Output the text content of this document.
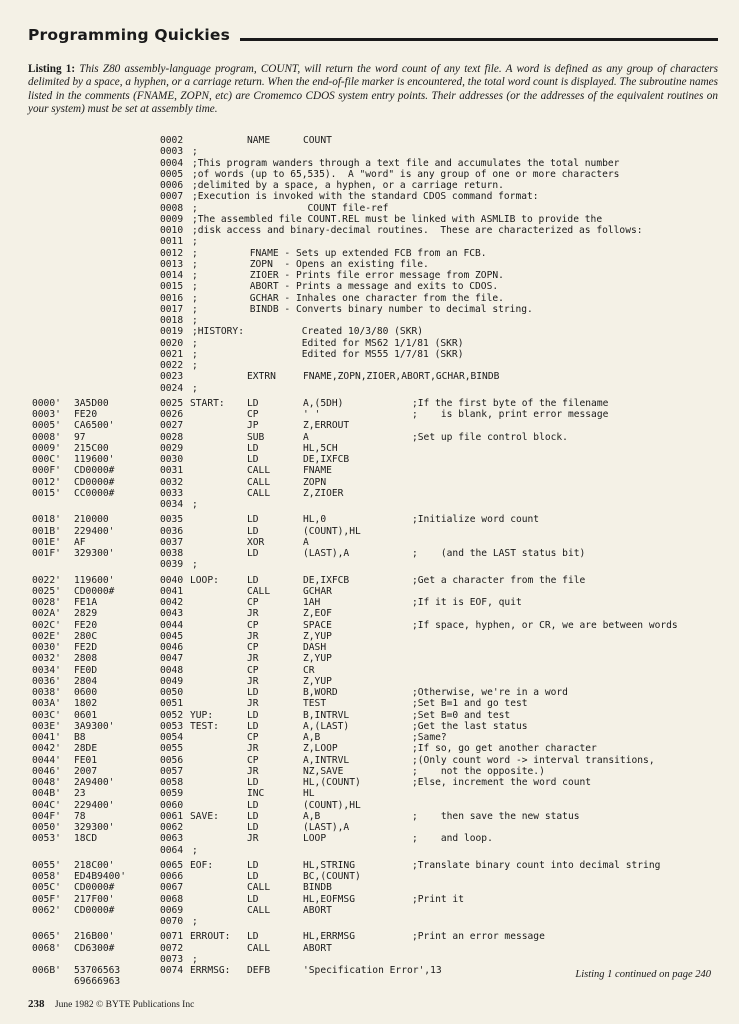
Programming Quickies
Listing 1: This Z80 assembly-language program, COUNT, will return the word count of any text file. A word is defined as any group of characters delimited by a space, a hyphen, or a carriage return. When the end-of-file marker is encountered, the total word count is displayed. The subroutine names listed in the comments (FNAME, ZOPN, etc) are Cromemco CDOS system entry points. Their addresses (or the addresses of the equivalent routines on your system) must be set at assembly time.
0002	NAME	COUNT
0003 ;
0004 ;This program wanders through a text file and accumulates the total number
0005 ;of words (up to 65,535).  A "word" is any group of one or more characters
0006 ;delimited by a space, a hyphen, or a carriage return.
0007 ;Execution is invoked with the standard CDOS command format:
0008 ;                   COUNT file-ref
0009 ;The assembled file COUNT.REL must be linked with ASMLIB to provide the
0010 ;disk access and binary-decimal routines.  These are characterized as follows:
0011 ;
0012 ;         FNAME - Sets up extended FCB from an FCB.
0013 ;         ZOPN  - Opens an existing file.
0014 ;         ZIOER - Prints file error message from ZOPN.
0015 ;         ABORT - Prints a message and exits to CDOS.
0016 ;         GCHAR - Inhales one character from the file.
0017 ;         BINDB - Converts binary number to decimal string.
0018 ;
0019 ;HISTORY:          Created 10/3/80 (SKR)
0020 ;                  Edited for MS62 1/1/81 (SKR)
0021 ;                  Edited for MS55 1/7/81 (SKR)
0022 ;
0023	EXTRN	FNAME,ZOPN,ZIOER,ABORT,GCHAR,BINDB
0024 ;
0000' 3A5D00	0025 START: LD	A,(5DH)	;If the first byte of the filename
0003' FE20	0026	CP	' '	;    is blank, print error message
0005' CA6500'	0027	JP	Z,ERROUT
0008' 97	0028	SUB	A	;Set up file control block.
0009' 215C00	0029	LD	HL,5CH
000C' 119600'	0030	LD	DE,IXFCB
000F' CD0000#	0031	CALL	FNAME
0012' CD0000#	0032	CALL	ZOPN
0015' CC0000#	0033	CALL	Z,ZIOER
0034 ;
0018' 210000	0035	LD	HL,0	;Initialize word count
001B' 229400'	0036	LD	(COUNT),HL
001E' AF	0037	XOR	A
001F' 329300'	0038	LD	(LAST),A	;    (and the LAST status bit)
0039 ;
0022' 119600'	0040 LOOP:	LD	DE,IXFCB	;Get a character from the file
0025' CD0000#	0041	CALL	GCHAR
0028' FE1A	0042	CP	1AH	;If it is EOF, quit
002A' 2829	0043	JR	Z,EOF
002C' FE20	0044	CP	SPACE	;If space, hyphen, or CR, we are between words
002E' 280C	0045	JR	Z,YUP
0030' FE2D	0046	CP	DASH
0032' 2808	0047	JR	Z,YUP
0034' FE0D	0048	CP	CR
0036' 2804	0049	JR	Z,YUP
0038' 0600	0050	LD	B,WORD	;Otherwise, we're in a word
003A' 1802	0051	JR	TEST	;Set B=1 and go test
003C' 0601	0052 YUP:	LD	B,INTRVL	;Set B=0 and test
003E' 3A9300'	0053 TEST:	LD	A,(LAST)	;Get the last status
0041' B8	0054	CP	A,B	;Same?
0042' 28DE	0055	JR	Z,LOOP	;If so, go get another character
0044' FE01	0056	CP	A,INTRVL	;(Only count word -> interval transitions,
0046' 2007	0057	JR	NZ,SAVE	;    not the opposite.)
0048' 2A9400'	0058	LD	HL,(COUNT)	;Else, increment the word count
004B' 23	0059	INC	HL
004C' 229400'	0060	LD	(COUNT),HL
004F' 78	0061 SAVE:	LD	A,B	;    then save the new status
0050' 329300'	0062	LD	(LAST),A
0053' 18CD	0063	JR	LOOP	;    and loop.
0064 ;
0055' 218C00'	0065 EOF:	LD	HL,STRING	;Translate binary count into decimal string
0058' ED4B9400'	0066	LD	BC,(COUNT)
005C' CD0000#	0067	CALL	BINDB
005F' 217F00'	0068	LD	HL,EOFMSG	;Print it
0062' CD0000#	0069	CALL	ABORT
0070 ;
0065' 216B00'	0071 ERROUT: LD	HL,ERRMSG	;Print an error message
0068' CD6300#	0072	CALL	ABORT
0073 ;
006B' 53706563	0074 ERRMSG: DEFB	'Specification Error',13
69666963
Listing 1 continued on page 240
238 June 1982 © BYTE Publications Inc
